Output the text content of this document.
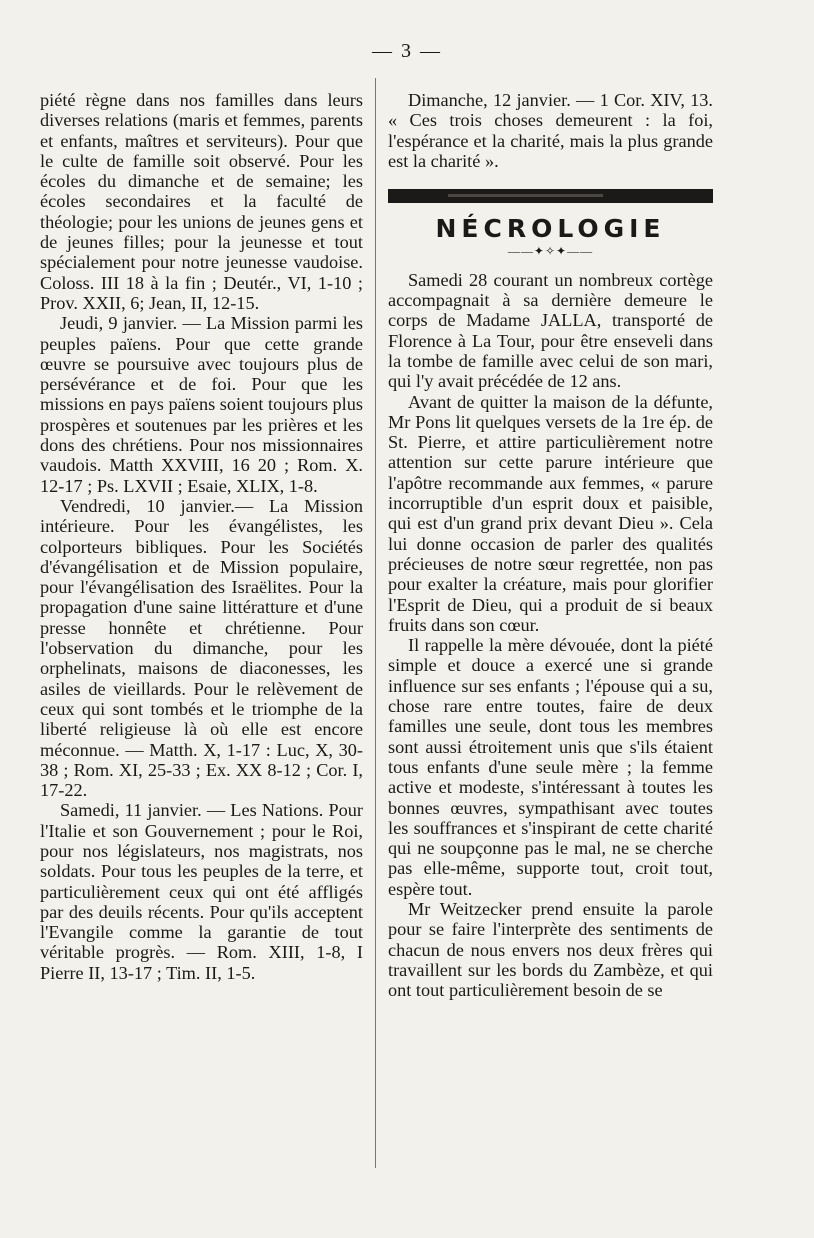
— 3 —

piété règne dans nos familles dans leurs diverses relations (maris et femmes, parents et enfants, maîtres et serviteurs). Pour que le culte de famille soit observé. Pour les écoles du dimanche et de semaine; les écoles secondaires et la faculté de théologie; pour les unions de jeunes gens et de jeunes filles; pour la jeunesse et tout spécialement pour notre jeunesse vaudoise. Coloss. III 18 à la fin ; Deutér., VI, 1-10 ; Prov. XXII, 6; Jean, II, 12-15.

Jeudi, 9 janvier. — La Mission parmi les peuples païens. Pour que cette grande œuvre se poursuive avec toujours plus de persévérance et de foi. Pour que les missions en pays païens soient toujours plus prospères et soutenues par les prières et les dons des chrétiens. Pour nos missionnaires vaudois. Matth XXVIII, 16 20 ; Rom. X. 12-17 ; Ps. LXVII ; Esaie, XLIX, 1-8.

Vendredi, 10 janvier.— La Mission intérieure. Pour les évangélistes, les colporteurs bibliques. Pour les Sociétés d'évangélisation et de Mission populaire, pour l'évangélisation des Israëlites. Pour la propagation d'une saine littératture et d'une presse honnête et chrétienne. Pour l'observation du dimanche, pour les orphelinats, maisons de diaconesses, les asiles de vieillards. Pour le relèvement de ceux qui sont tombés et le triomphe de la liberté religieuse là où elle est encore méconnue. — Matth. X, 1-17 : Luc, X, 30-38 ; Rom. XI, 25-33 ; Ex. XX 8-12 ; Cor. I, 17-22.

Samedi, 11 janvier. — Les Nations. Pour l'Italie et son Gouvernement ; pour le Roi, pour nos législateurs, nos magistrats, nos soldats. Pour tous les peuples de la terre, et particulièrement ceux qui ont été affligés par des deuils récents. Pour qu'ils acceptent l'Evangile comme la garantie de tout véritable progrès. — Rom. XIII, 1-8, I Pierre II, 13-17 ; Tim. II, 1-5.

Dimanche, 12 janvier. — 1 Cor. XIV, 13. « Ces trois choses demeurent : la foi, l'espérance et la charité, mais la plus grande est la charité ».

NÉCROLOGIE
——✦✧✦——

Samedi 28 courant un nombreux cortège accompagnait à sa dernière demeure le corps de Madame JALLA, transporté de Florence à La Tour, pour être enseveli dans la tombe de famille avec celui de son mari, qui l'y avait précédée de 12 ans.

Avant de quitter la maison de la défunte, Mr Pons lit quelques versets de la 1re ép. de St. Pierre, et attire particulièrement notre attention sur cette parure intérieure que l'apôtre recommande aux femmes, « parure incorruptible d'un esprit doux et paisible, qui est d'un grand prix devant Dieu ». Cela lui donne occasion de parler des qualités précieuses de notre sœur regrettée, non pas pour exalter la créature, mais pour glorifier l'Esprit de Dieu, qui a produit de si beaux fruits dans son cœur.

Il rappelle la mère dévouée, dont la piété simple et douce a exercé une si grande influence sur ses enfants ; l'épouse qui a su, chose rare entre toutes, faire de deux familles une seule, dont tous les membres sont aussi étroitement unis que s'ils étaient tous enfants d'une seule mère ; la femme active et modeste, s'intéressant à toutes les bonnes œuvres, sympathisant avec toutes les souffrances et s'inspirant de cette charité qui ne soupçonne pas le mal, ne se cherche pas elle-même, supporte tout, croit tout, espère tout.

Mr Weitzecker prend ensuite la parole pour se faire l'interprète des sentiments de chacun de nous envers nos deux frères qui travaillent sur les bords du Zambèze, et qui ont tout particulièrement besoin de se
